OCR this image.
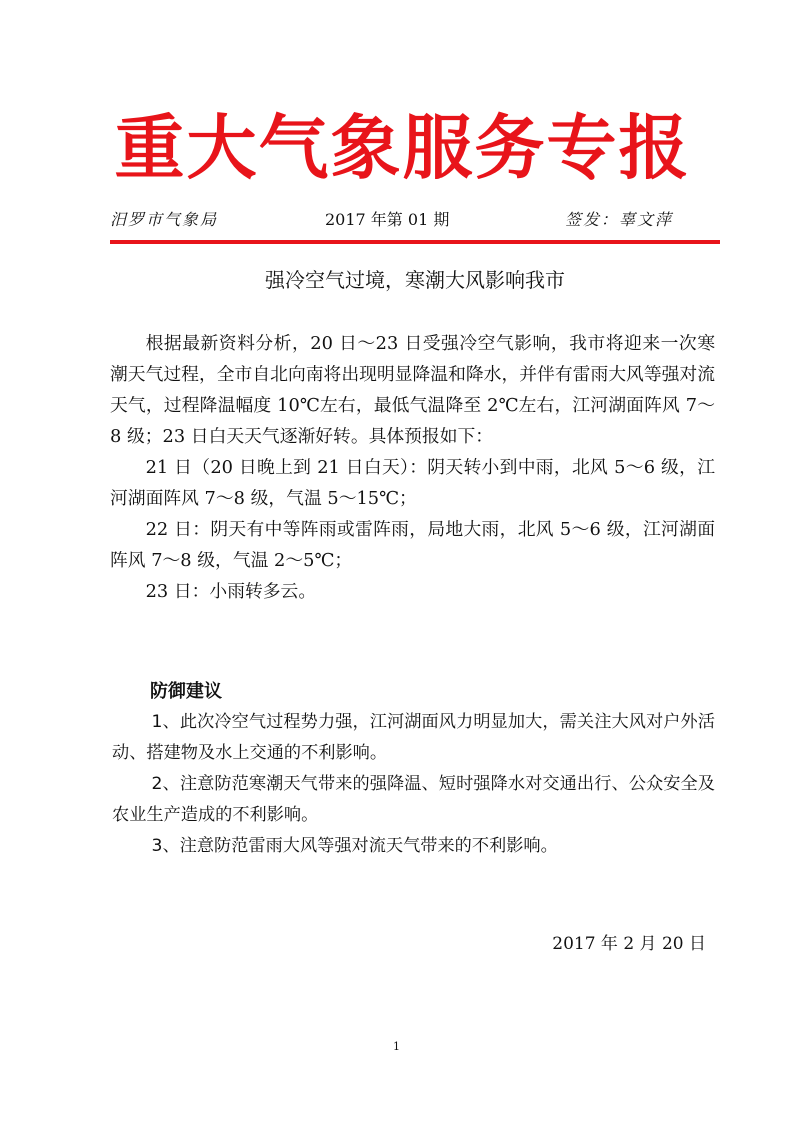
重大气象服务专报
汨罗市气象局	2017 年第 01 期	签发：辜文萍
强冷空气过境，寒潮大风影响我市

根据最新资料分析，20 日～23 日受强冷空气影响，我市将迎来一次寒潮天气过程，全市自北向南将出现明显降温和降水，并伴有雷雨大风等强对流天气，过程降温幅度 10℃左右，最低气温降至 2℃左右，江河湖面阵风 7～8 级；23 日白天天气逐渐好转。具体预报如下：

21 日（20 日晚上到 21 日白天）：阴天转小到中雨，北风 5～6 级，江河湖面阵风 7～8 级，气温 5～15℃；

22 日：阴天有中等阵雨或雷阵雨，局地大雨，北风 5～6 级，江河湖面阵风 7～8 级，气温 2～5℃；

23 日：小雨转多云。

防御建议

1、此次冷空气过程势力强，江河湖面风力明显加大，需关注大风对户外活动、搭建物及水上交通的不利影响。

2、注意防范寒潮天气带来的强降温、短时强降水对交通出行、公众安全及农业生产造成的不利影响。

3、注意防范雷雨大风等强对流天气带来的不利影响。

2017 年 2 月 20 日
1
